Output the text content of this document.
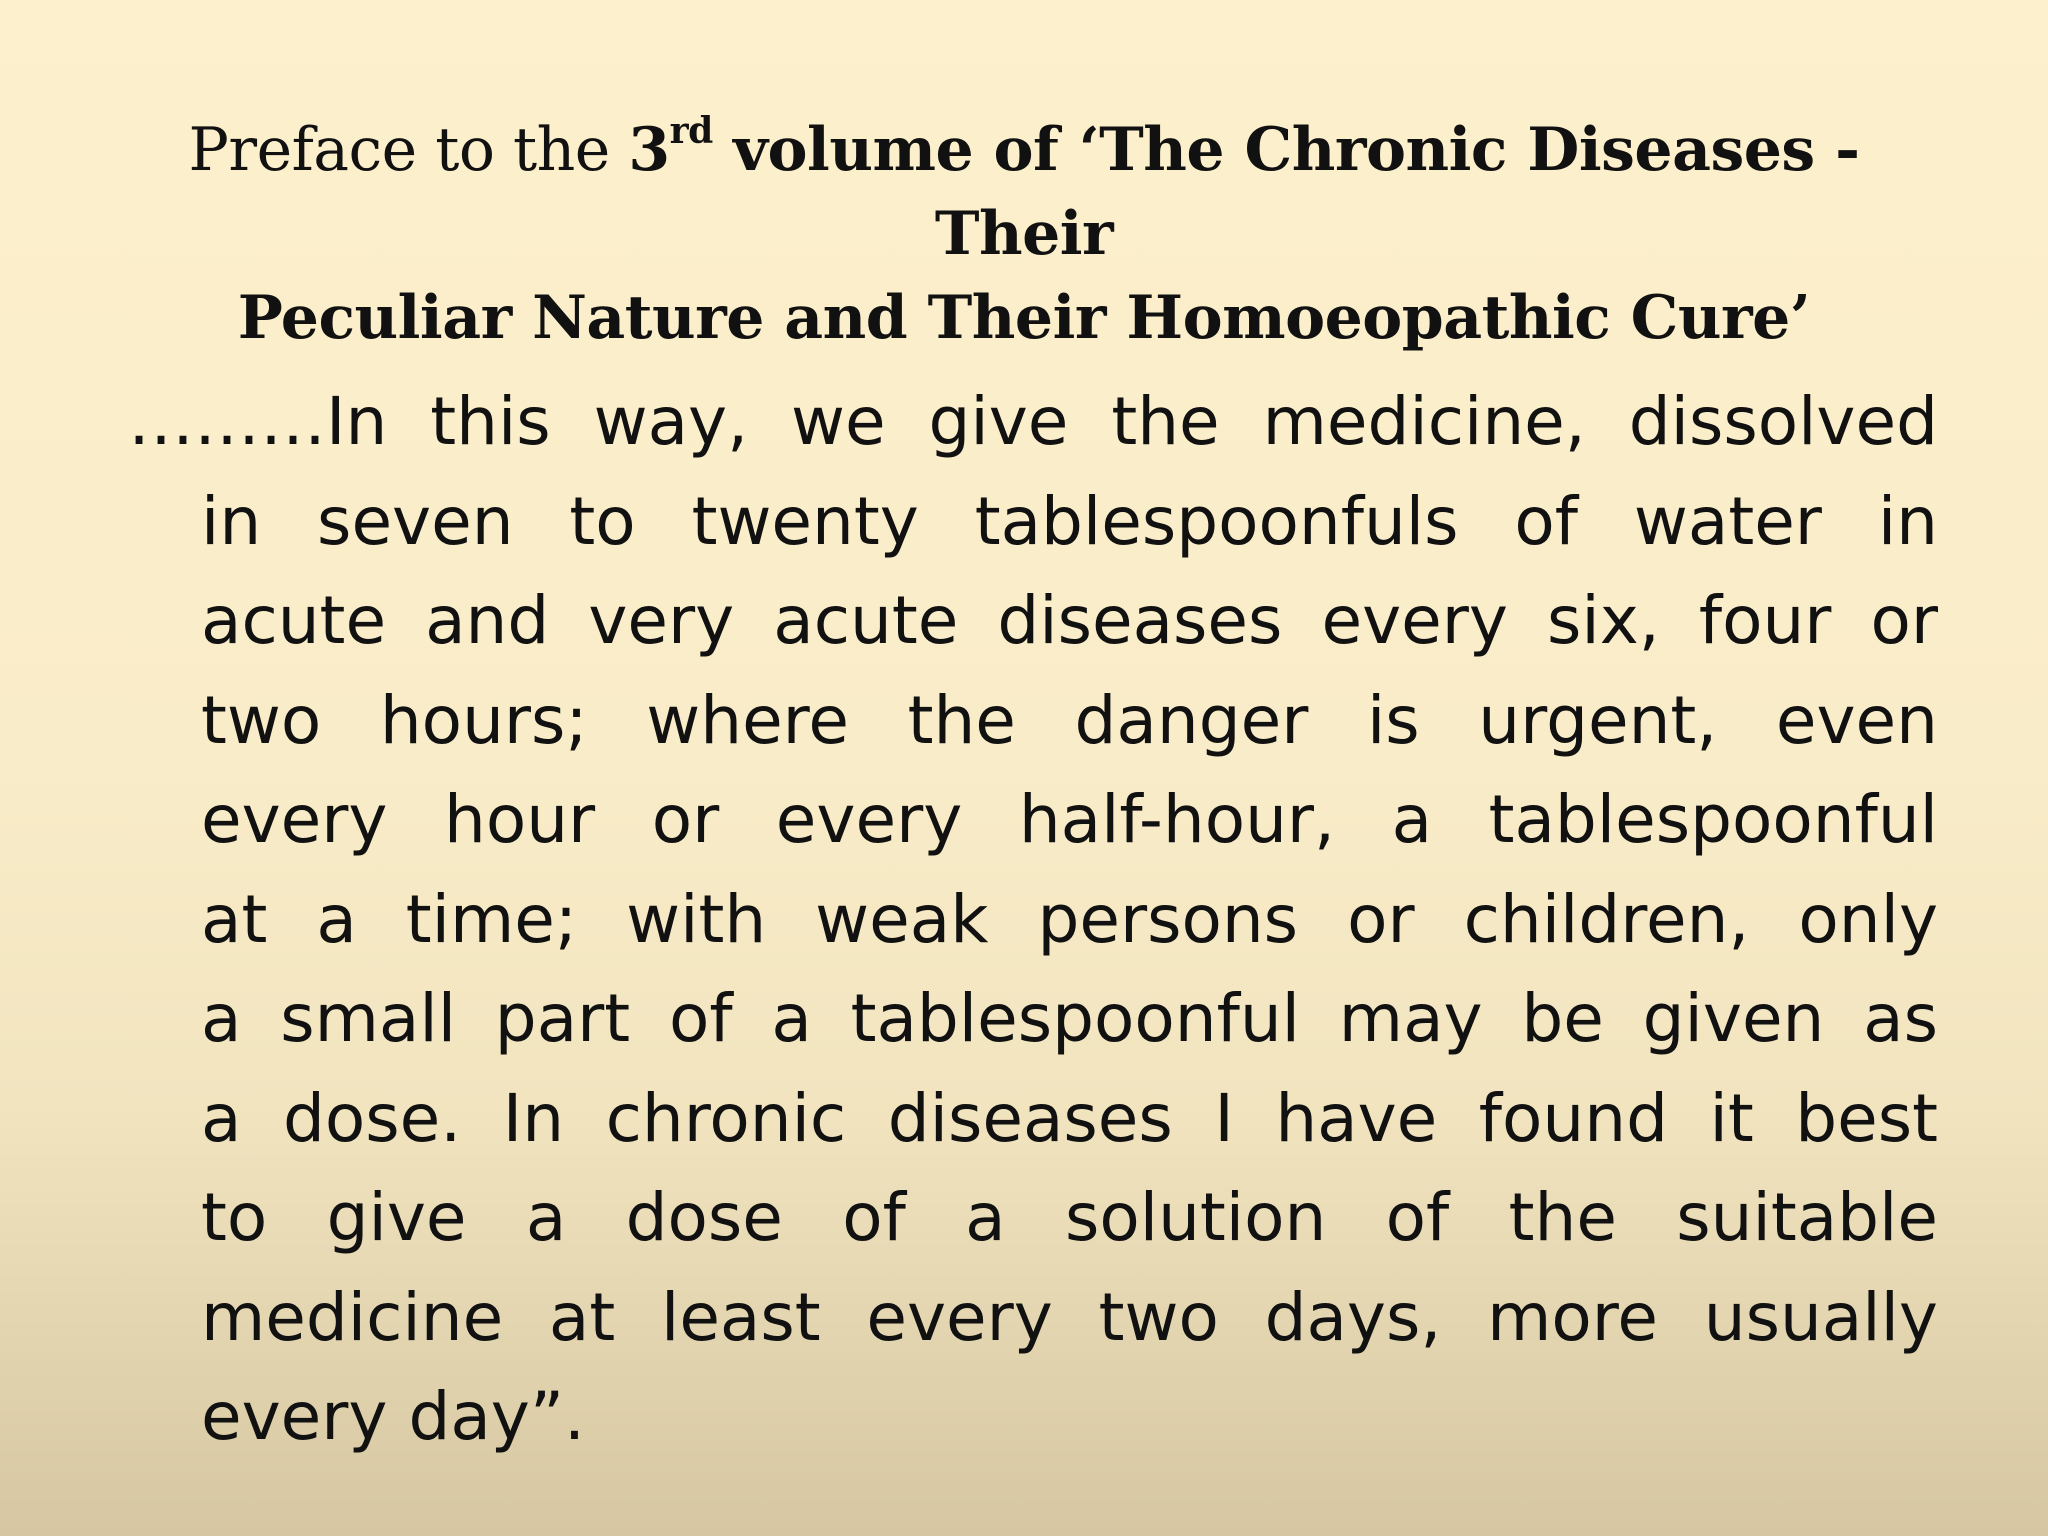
Preface to the 3rd volume of ‘The Chronic Diseases - Their
Peculiar Nature and Their Homoeopathic Cure’
………In this way, we give the medicine, dissolved
in seven to twenty tablespoonfuls of water in
acute and very acute diseases every six, four or
two hours; where the danger is urgent, even
every hour or every half-hour, a tablespoonful
at a time; with weak persons or children, only
a small part of a tablespoonful may be given as
a dose. In chronic diseases I have found it best
to give a dose of a solution of the suitable
medicine at least every two days, more usually
every day”.
